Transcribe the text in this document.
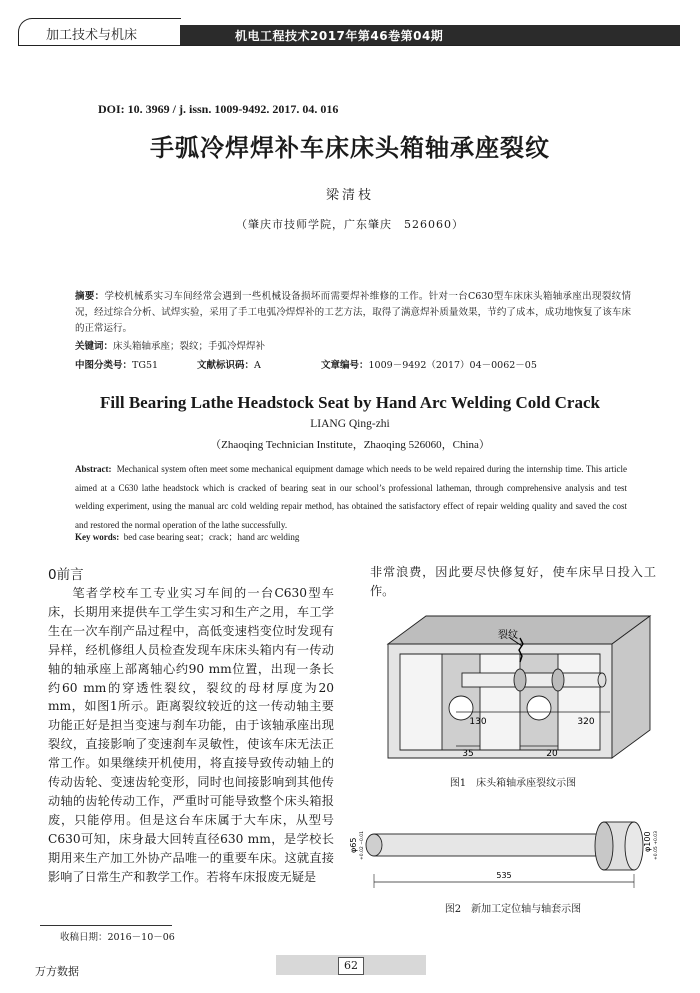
加工技术与机床	机电工程技术2017年第46卷第04期
DOI: 10. 3969 / j. issn. 1009-9492. 2017. 04. 016
手弧冷焊焊补车床床头箱轴承座裂纹
梁清枝
（肇庆市技师学院，广东肇庆　526060）
摘要：学校机械系实习车间经常会遇到一些机械设备损坏而需要焊补维修的工作。针对一台C630型车床床头箱轴承座出现裂纹情况，经过综合分析、试焊实验，采用了手工电弧冷焊焊补的工艺方法，取得了满意焊补质量效果，节约了成本，成功地恢复了该车床的正常运行。
关键词：床头箱轴承座；裂纹；手弧冷焊焊补
中图分类号：TG51	文献标识码：A	文章编号：1009－9492（2017）04－0062－05
Fill Bearing Lathe Headstock Seat by Hand Arc Welding Cold Crack
LIANG Qing-zhi
（Zhaoqing Technician Institute，Zhaoqing 526060，China）
Abstract: Mechanical system often meet some mechanical equipment damage which needs to be weld repaired during the internship time. This article aimed at a C630 lathe headstock which is cracked of bearing seat in our school’s professional latheman, through comprehensive analysis and test welding experiment, using the manual arc cold welding repair method, has obtained the satisfactory effect of repair welding quality and saved the cost and restored the normal operation of the lathe successfully.
Key words: bed case bearing seat；crack；hand arc welding
0前言
笔者学校车工专业实习车间的一台C630型车床，长期用来提供车工学生实习和生产之用，车工学生在一次车削产品过程中，高低变速档变位时发现有异样，经机修组人员检查发现车床床头箱内有一传动轴的轴承座上部离轴心约90 mm位置，出现一条长约60 mm的穿透性裂纹，裂纹的母材厚度为20 mm，如图1所示。距离裂纹较近的这一传动轴主要功能正好是担当变速与刹车功能，由于该轴承座出现裂纹，直接影响了变速刹车灵敏性，使该车床无法正常工作。如果继续开机使用，将直接导致传动轴上的传动齿轮、变速齿轮变形，同时也间接影响到其他传动轴的齿轮传动工作，严重时可能导致整个床头箱报废，只能停用。但是这台车床属于大车床，从型号C630可知，床身最大回转直径630 mm，是学校长期用来生产加工外协产品唯一的重要车床。这就直接影响了日常生产和教学工作。若将车床报废无疑是
非常浪费，因此要尽快修复好，使车床早日投入工作。
裂纹
130	320
35	20
图1　床头箱轴承座裂纹示图
φ65 +0.02 −0.01	φ100 +0.05 +0.03
535
图2　新加工定位轴与轴套示图
收稿日期：2016－10－06
万方数据	62
